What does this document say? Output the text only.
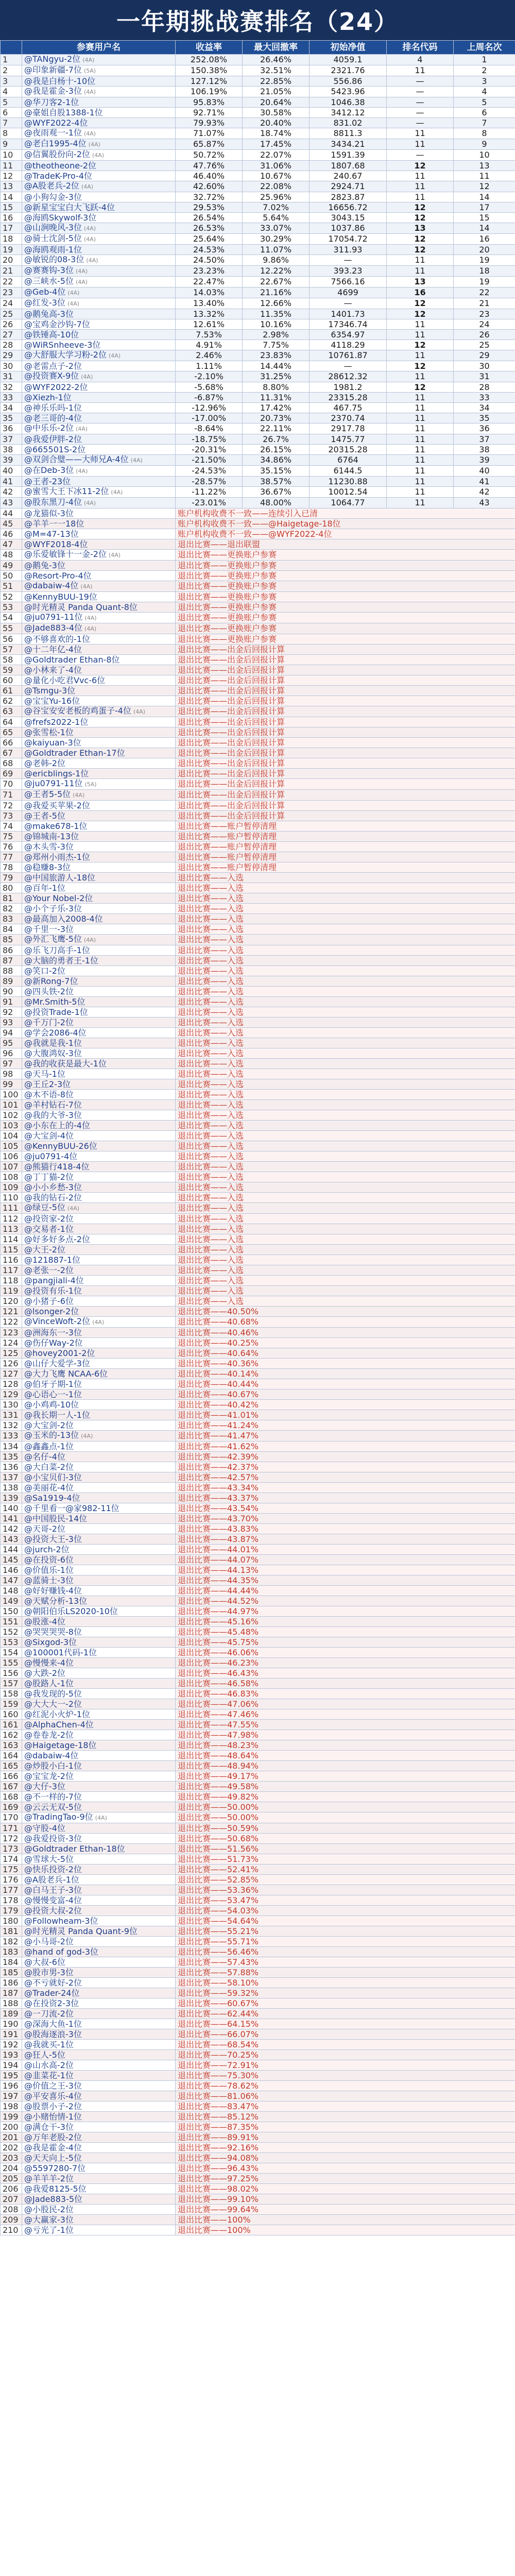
一年期挑战赛排名（24）
	参赛用户名	收益率	最大回撤率	初始净值	排名代码	上周名次
1	@TANgyu-2位 (4A)	252.08%	26.46%	4059.1	4	1
2	@印象新疆-7位 (5A)	150.38%	32.51%	2321.76	11	2
3	@我是白杨十-10位	127.12%	22.85%	556.86	—	3
4	@我是霍金-3位 (4A)	106.19%	21.05%	5423.96	—	4
5	@华刀客2-1位	95.83%	20.64%	1046.38	—	5
6	@豪姐自股1388-1位	92.71%	30.58%	3412.12	—	6
7	@WYF2022-4位	79.93%	20.40%	831.02	—	7
8	@夜雨观一-1位 (4A)	71.07%	18.74%	8811.3	11	8
9	@老白1995-4位 (4A)	65.87%	17.45%	3434.21	11	9
10	@信翼股份向-2位 (4A)	50.72%	22.07%	1591.39	—	10
11	@theotheone-2位	47.76%	31.06%	1807.68	12	13
12	@TradeK-Pro-4位	46.40%	10.67%	240.67	11	11
13	@A股老兵-2位 (4A)	42.60%	22.08%	2924.71	11	12
14	@小狗勾金-3位	32.72%	25.96%	2823.87	11	14
15	@新星宝宝白大飞跃-4位	29.53%	7.02%	16656.72	12	17
16	@海鸥Skywolf-3位	26.54%	5.64%	3043.15	12	15
17	@山涧晚风-3位 (4A)	26.53%	33.07%	1037.86	13	14
18	@骑士沈剑-5位 (4A)	25.64%	30.29%	17054.72	12	16
19	@海鸥观雨-1位	24.53%	11.07%	311.93	12	20
20	@敏锐的08-3位 (4A)	24.50%	9.86%	—	11	19
21	@赛赛钩-3位 (4A)	23.23%	12.22%	393.23	11	18
22	@三峡水-5位 (4A)	22.47%	22.67%	7566.16	13	19
23	@Geb-4位 (4A)	14.03%	21.16%	4699	16	22
24	@红发-3位 (4A)	13.40%	12.66%	—	12	21
25	@鹅兔高-3位	13.32%	11.35%	1401.73	12	23
26	@宝鸡金沙钩-7位	12.61%	10.16%	17346.74	11	24
27	@铁锤高-10位	7.53%	2.98%	6354.97	11	26
28	@WiRSnheeve-3位	4.91%	7.75%	4118.29	12	25
29	@大舒服大学习粉-2位 (4A)	2.46%	23.83%	10761.87	11	29
30	@老雷点子-2位	1.11%	14.44%	—	12	30
31	@投资赛X-9位 (4A)	-2.10%	31.25%	28612.32	11	31
32	@WYF2022-2位	-5.68%	8.80%	1981.2	12	28
33	@Xiezh-1位	-6.87%	11.31%	23315.28	11	33
34	@神乐乐吗-1位	-12.96%	17.42%	467.75	11	34
35	@老三哥的-4位	-17.00%	20.73%	2370.74	11	35
36	@中乐乐-2位 (4A)	-8.64%	22.11%	2917.78	11	36
37	@我爱伊胖-2位	-18.75%	26.7%	1475.77	11	37
38	@665501S-2位	-20.31%	26.15%	20315.28	11	38
39	@双剑合璧——大师兄A-4位 (4A)	-21.50%	34.86%	6764	11	39
40	@在Deb-3位 (4A)	-24.53%	35.15%	6144.5	11	40
41	@王者-23位	-28.57%	38.57%	11230.88	11	41
42	@蜜雪大王下冰11-2位 (4A)	-11.22%	36.67%	10012.54	11	42
43	@股东黑刀-4位 (4A)	-23.01%	48.00%	1064.77	11	43
44	@龙猫似-3位	账户机构收费不一致——连续引入已清				
45	@羊羊一一18位	账户机构收费不一致——@Haigetage-18位				
46	@M=47-13位	账户机构收费不一致——@WYF2022-4位				
47	@WYF2018-4位	退出比赛——退出联盟				
48	@乐爱敏锋十一金-2位 (4A)	退出比赛——更换账户参赛				
49	@鹅兔-3位	退出比赛——更换账户参赛				
50	@Resort-Pro-4位	退出比赛——更换账户参赛				
51	@dabaiw-4位 (4A)	退出比赛——更换账户参赛				
52	@KennyBUU-19位	退出比赛——更换账户参赛				
53	@时光精灵 Panda Quant-8位	退出比赛——更换账户参赛				
54	@ju0791-11位 (4A)	退出比赛——更换账户参赛				
55	@Jade883-4位 (4A)	退出比赛——更换账户参赛				
56	@不够喜欢的-1位	退出比赛——更换账户参赛				
57	@十二年亿-4位	退出比赛——出金后回报计算				
58	@Goldtrader Ethan-8位	退出比赛——出金后回报计算				
59	@小林来了-4位	退出比赛——出金后回报计算				
60	@量化小吃君Vvc-6位	退出比赛——出金后回报计算				
61	@Tsmgu-3位	退出比赛——出金后回报计算				
62	@宝宝Yu-16位	退出比赛——出金后回报计算				
63	@谷宝安安老板的鸡蛋子-4位 (4A)	退出比赛——出金后回报计算				
64	@frefs2022-1位	退出比赛——出金后回报计算				
65	@张雪松-1位	退出比赛——出金后回报计算				
66	@kaiyuan-3位	退出比赛——出金后回报计算				
67	@Goldtrader Ethan-17位	退出比赛——出金后回报计算				
68	@老韩-2位	退出比赛——出金后回报计算				
69	@ericblings-1位	退出比赛——出金后回报计算				
70	@ju0791-11位 (5A)	退出比赛——出金后回报计算				
71	@王者5-5位 (4A)	退出比赛——出金后回报计算				
72	@我爱买苹果-2位	退出比赛——出金后回报计算				
73	@王者-5位	退出比赛——出金后回报计算				
74	@make678-1位	退出比赛——账户暂停清理				
75	@锦城南-13位	退出比赛——账户暂停清理				
76	@木头雪-3位	退出比赛——账户暂停清理				
77	@郑州小雨杰-1位	退出比赛——账户暂停清理				
78	@稳赚8-3位	退出比赛——账户暂停清理				
79	@中国旅游人-18位	退出比赛——入选				
80	@百年-1位	退出比赛——入选				
81	@Your Nobel-2位	退出比赛——入选				
82	@小个子乐-3位	退出比赛——入选				
83	@最高加入2008-4位	退出比赛——入选				
84	@千里一-3位	退出比赛——入选				
85	@外汇飞鹰-5位 (4A)	退出比赛——入选				
86	@乐飞刀高手-1位	退出比赛——入选				
87	@大脑的勇者王-1位	退出比赛——入选				
88	@笑口-2位	退出比赛——入选				
89	@新Rong-7位	退出比赛——入选				
90	@四头铁-2位	退出比赛——入选				
91	@Mr.Smith-5位	退出比赛——入选				
92	@投资Trade-1位	退出比赛——入选				
93	@千万门-2位	退出比赛——入选				
94	@学会2086-4位	退出比赛——入选				
95	@我就是我-1位	退出比赛——入选				
96	@大腹鸿奴-3位	退出比赛——入选				
97	@我的收获是最大-1位	退出比赛——入选				
98	@天马-1位	退出比赛——入选				
99	@王丘2-3位	退出比赛——入选				
100	@木不语-8位	退出比赛——入选				
101	@羊村钻石-7位	退出比赛——入选				
102	@我的大爷-3位	退出比赛——入选				
103	@小东在上的-4位	退出比赛——入选				
104	@大宝剑-4位	退出比赛——入选				
105	@KennyBUU-26位	退出比赛——入选				
106	@ju0791-4位	退出比赛——入选				
107	@熊猫行418-4位	退出比赛——入选				
108	@丁丁猫-2位	退出比赛——入选				
109	@小小乡愁-3位	退出比赛——入选				
110	@我的钻石-2位	退出比赛——入选				
111	@绿豆-5位 (4A)	退出比赛——入选				
112	@投资家-2位	退出比赛——入选				
113	@交易者-1位	退出比赛——入选				
114	@好多好多点-2位	退出比赛——入选				
115	@大王-2位	退出比赛——入选				
116	@121887-1位	退出比赛——入选				
117	@老张一-2位	退出比赛——入选				
118	@pangjiali-4位	退出比赛——入选				
119	@投资有乐-1位	退出比赛——入选				
120	@小猪子-6位	退出比赛——入选				
121	@lsonger-2位	退出比赛——40.50%				
122	@VinceWoft-2位 (4A)	退出比赛——40.68%				
123	@洲海东一-3位	退出比赛——40.46%				
124	@伤仔Way-2位	退出比赛——40.25%				
125	@hovey2001-2位	退出比赛——40.64%				
126	@山仔大爱学-3位	退出比赛——40.36%				
127	@大力飞鹰 NCAA-6位	退出比赛——40.14%				
128	@伯牙子期-1位	退出比赛——40.44%				
129	@心语心一-1位	退出比赛——40.67%				
130	@小鸡鸡-10位	退出比赛——40.42%				
131	@我长期一人-1位	退出比赛——41.01%				
132	@大宝剑-2位	退出比赛——41.24%				
133	@玉米的-13位 (4A)	退出比赛——41.47%				
134	@鑫鑫点-1位	退出比赛——41.62%				
135	@名仔-4位	退出比赛——42.39%				
136	@大白菜-2位	退出比赛——42.37%				
137	@小宝贝们-3位	退出比赛——42.57%				
138	@美丽花-4位	退出比赛——43.34%				
139	@Sa1919-4位	退出比赛——43.37%				
140	@千里看一@家982-11位	退出比赛——43.54%				
141	@中国股民-14位	退出比赛——43.70%				
142	@天哥-2位	退出比赛——43.83%				
143	@投资大王-3位	退出比赛——43.87%				
144	@jurch-2位	退出比赛——44.01%				
145	@在投资-6位	退出比赛——44.07%				
146	@价值乐-1位	退出比赛——44.13%				
147	@蓝骑士-3位	退出比赛——44.35%				
148	@好好赚钱-4位	退出比赛——44.44%				
149	@天赋分析-13位	退出比赛——44.52%				
150	@朝阳伯乐LS2020-10位	退出比赛——44.97%				
151	@股涨-4位	退出比赛——45.16%				
152	@哭哭哭哭-8位	退出比赛——45.48%				
153	@Sixgod-3位	退出比赛——45.75%				
154	@100001代码-1位	退出比赛——46.06%				
155	@慢慢来-4位	退出比赛——46.23%				
156	@大跌-2位	退出比赛——46.43%				
157	@股路人-1位	退出比赛——46.58%				
158	@我发现的-5位	退出比赛——46.83%				
159	@大大大一-2位	退出比赛——47.06%				
160	@红泥小火炉-1位	退出比赛——47.46%				
161	@AlphaChen-4位	退出比赛——47.55%				
162	@卷卷龙-2位	退出比赛——47.98%				
163	@Haigetage-18位	退出比赛——48.23%				
164	@dabaiw-4位	退出比赛——48.64%				
165	@炒股小白-1位	退出比赛——48.94%				
166	@宝宝龙-2位	退出比赛——49.17%				
167	@大仔-3位	退出比赛——49.58%				
168	@不一样的-7位	退出比赛——49.82%				
169	@云云无双-5位	退出比赛——50.00%				
170	@TradingTao-9位 (4A)	退出比赛——50.00%				
171	@守股-4位	退出比赛——50.59%				
172	@我爱投资-3位	退出比赛——50.68%				
173	@Goldtrader Ethan-18位	退出比赛——51.56%				
174	@雪球大-5位	退出比赛——51.73%				
175	@快乐投资-2位	退出比赛——52.41%				
176	@A股老兵-1位	退出比赛——52.85%				
177	@白马王子-3位	退出比赛——53.36%				
178	@慢慢变富-4位	退出比赛——53.47%				
179	@投资大叔-2位	退出比赛——54.03%				
180	@Followheam-3位	退出比赛——54.64%				
181	@时光精灵 Panda Quant-9位	退出比赛——55.21%				
182	@小马哥-2位	退出比赛——55.71%				
183	@hand of god-3位	退出比赛——56.46%				
184	@大叔-6位	退出比赛——57.43%				
185	@股市男-3位	退出比赛——57.88%				
186	@不亏就好-2位	退出比赛——58.10%				
187	@Trader-24位	退出比赛——59.32%				
188	@在投资2-3位	退出比赛——60.67%				
189	@一刀流-2位	退出比赛——62.44%				
190	@深海大鱼-1位	退出比赛——64.15%				
191	@股海逐浪-3位	退出比赛——66.07%				
192	@我就买-1位	退出比赛——68.54%				
193	@狂人-5位	退出比赛——70.25%				
194	@山水高-2位	退出比赛——72.91%				
195	@韭菜花-1位	退出比赛——75.30%				
196	@价值之王-3位	退出比赛——78.62%				
197	@平安喜乐-4位	退出比赛——81.06%				
198	@股票小子-2位	退出比赛——83.47%				
199	@小赌怡情-1位	退出比赛——85.12%				
200	@满仓干-3位	退出比赛——87.35%				
201	@万年老股-2位	退出比赛——89.91%				
202	@我是霍金-4位	退出比赛——92.16%				
203	@天天向上-5位	退出比赛——94.08%				
204	@5597280-7位	退出比赛——96.43%				
205	@羊羊羊-2位	退出比赛——97.25%				
206	@我爱8125-5位	退出比赛——98.02%				
207	@Jade883-5位	退出比赛——99.10%				
208	@小股民-2位	退出比赛——99.64%				
209	@大赢家-3位	退出比赛——100%				
210	@亏光了-1位	退出比赛——100%				
